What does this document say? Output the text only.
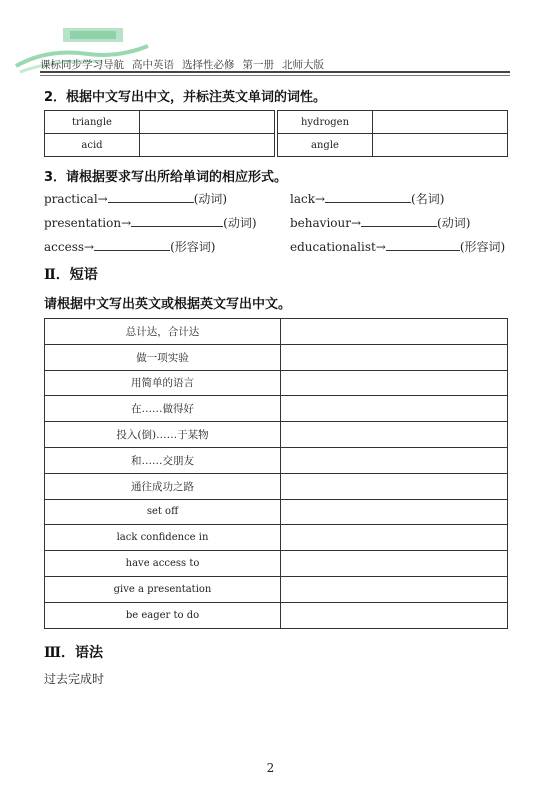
课标同步学习导航 高中英语 选择性必修 第一册 北师大版
2．根据中文写出中文，并标注英文单词的词性。
triangle			hydrogen	
acid			angle	
3．请根据要求写出所给单词的相应形式。
practical→	(动词)	lack→	(名词)
presentation→	(动词)	behaviour→	(动词)
access→	(形容词)	educationalist→	(形容词)
Ⅱ．短语
请根据中文写出英文或根据英文写出中文。
总计达，合计达	
做一项实验	
用简单的语言	
在……做得好	
投入(倒)……于某物	
和……交朋友	
通往成功之路	
set off	
lack confidence in	
have access to	
give a presentation	
be eager to do	
Ⅲ．语法
过去完成时
2
